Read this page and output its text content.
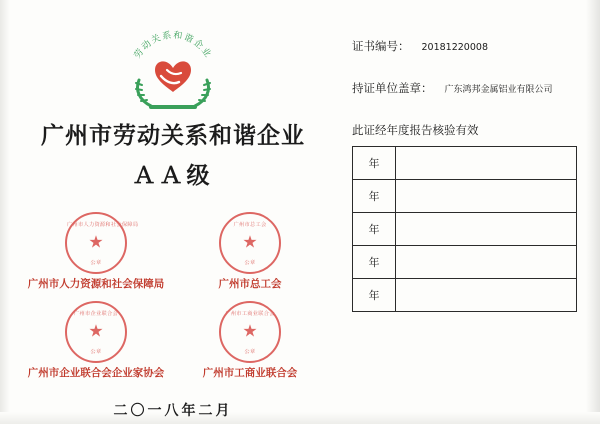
劳动关系和谐企业
广州市劳动关系和谐企业
ＡＡ级
广州市人力资源和社会保障局
★
公章
广州市人力资源和社会保障局
广州市总工会
★
公章
广州市总工会
广州市企业联合会
★
公章
广州市企业联合会企业家协会
广州市工商业联合会
★
公章
广州市工商业联合会
二〇一八年二月
证书编号： 20181220008
持证单位盖章： 广东鸿邦金属铝业有限公司
此证经年度报告核验有效
年	
年	
年	
年	
年	
